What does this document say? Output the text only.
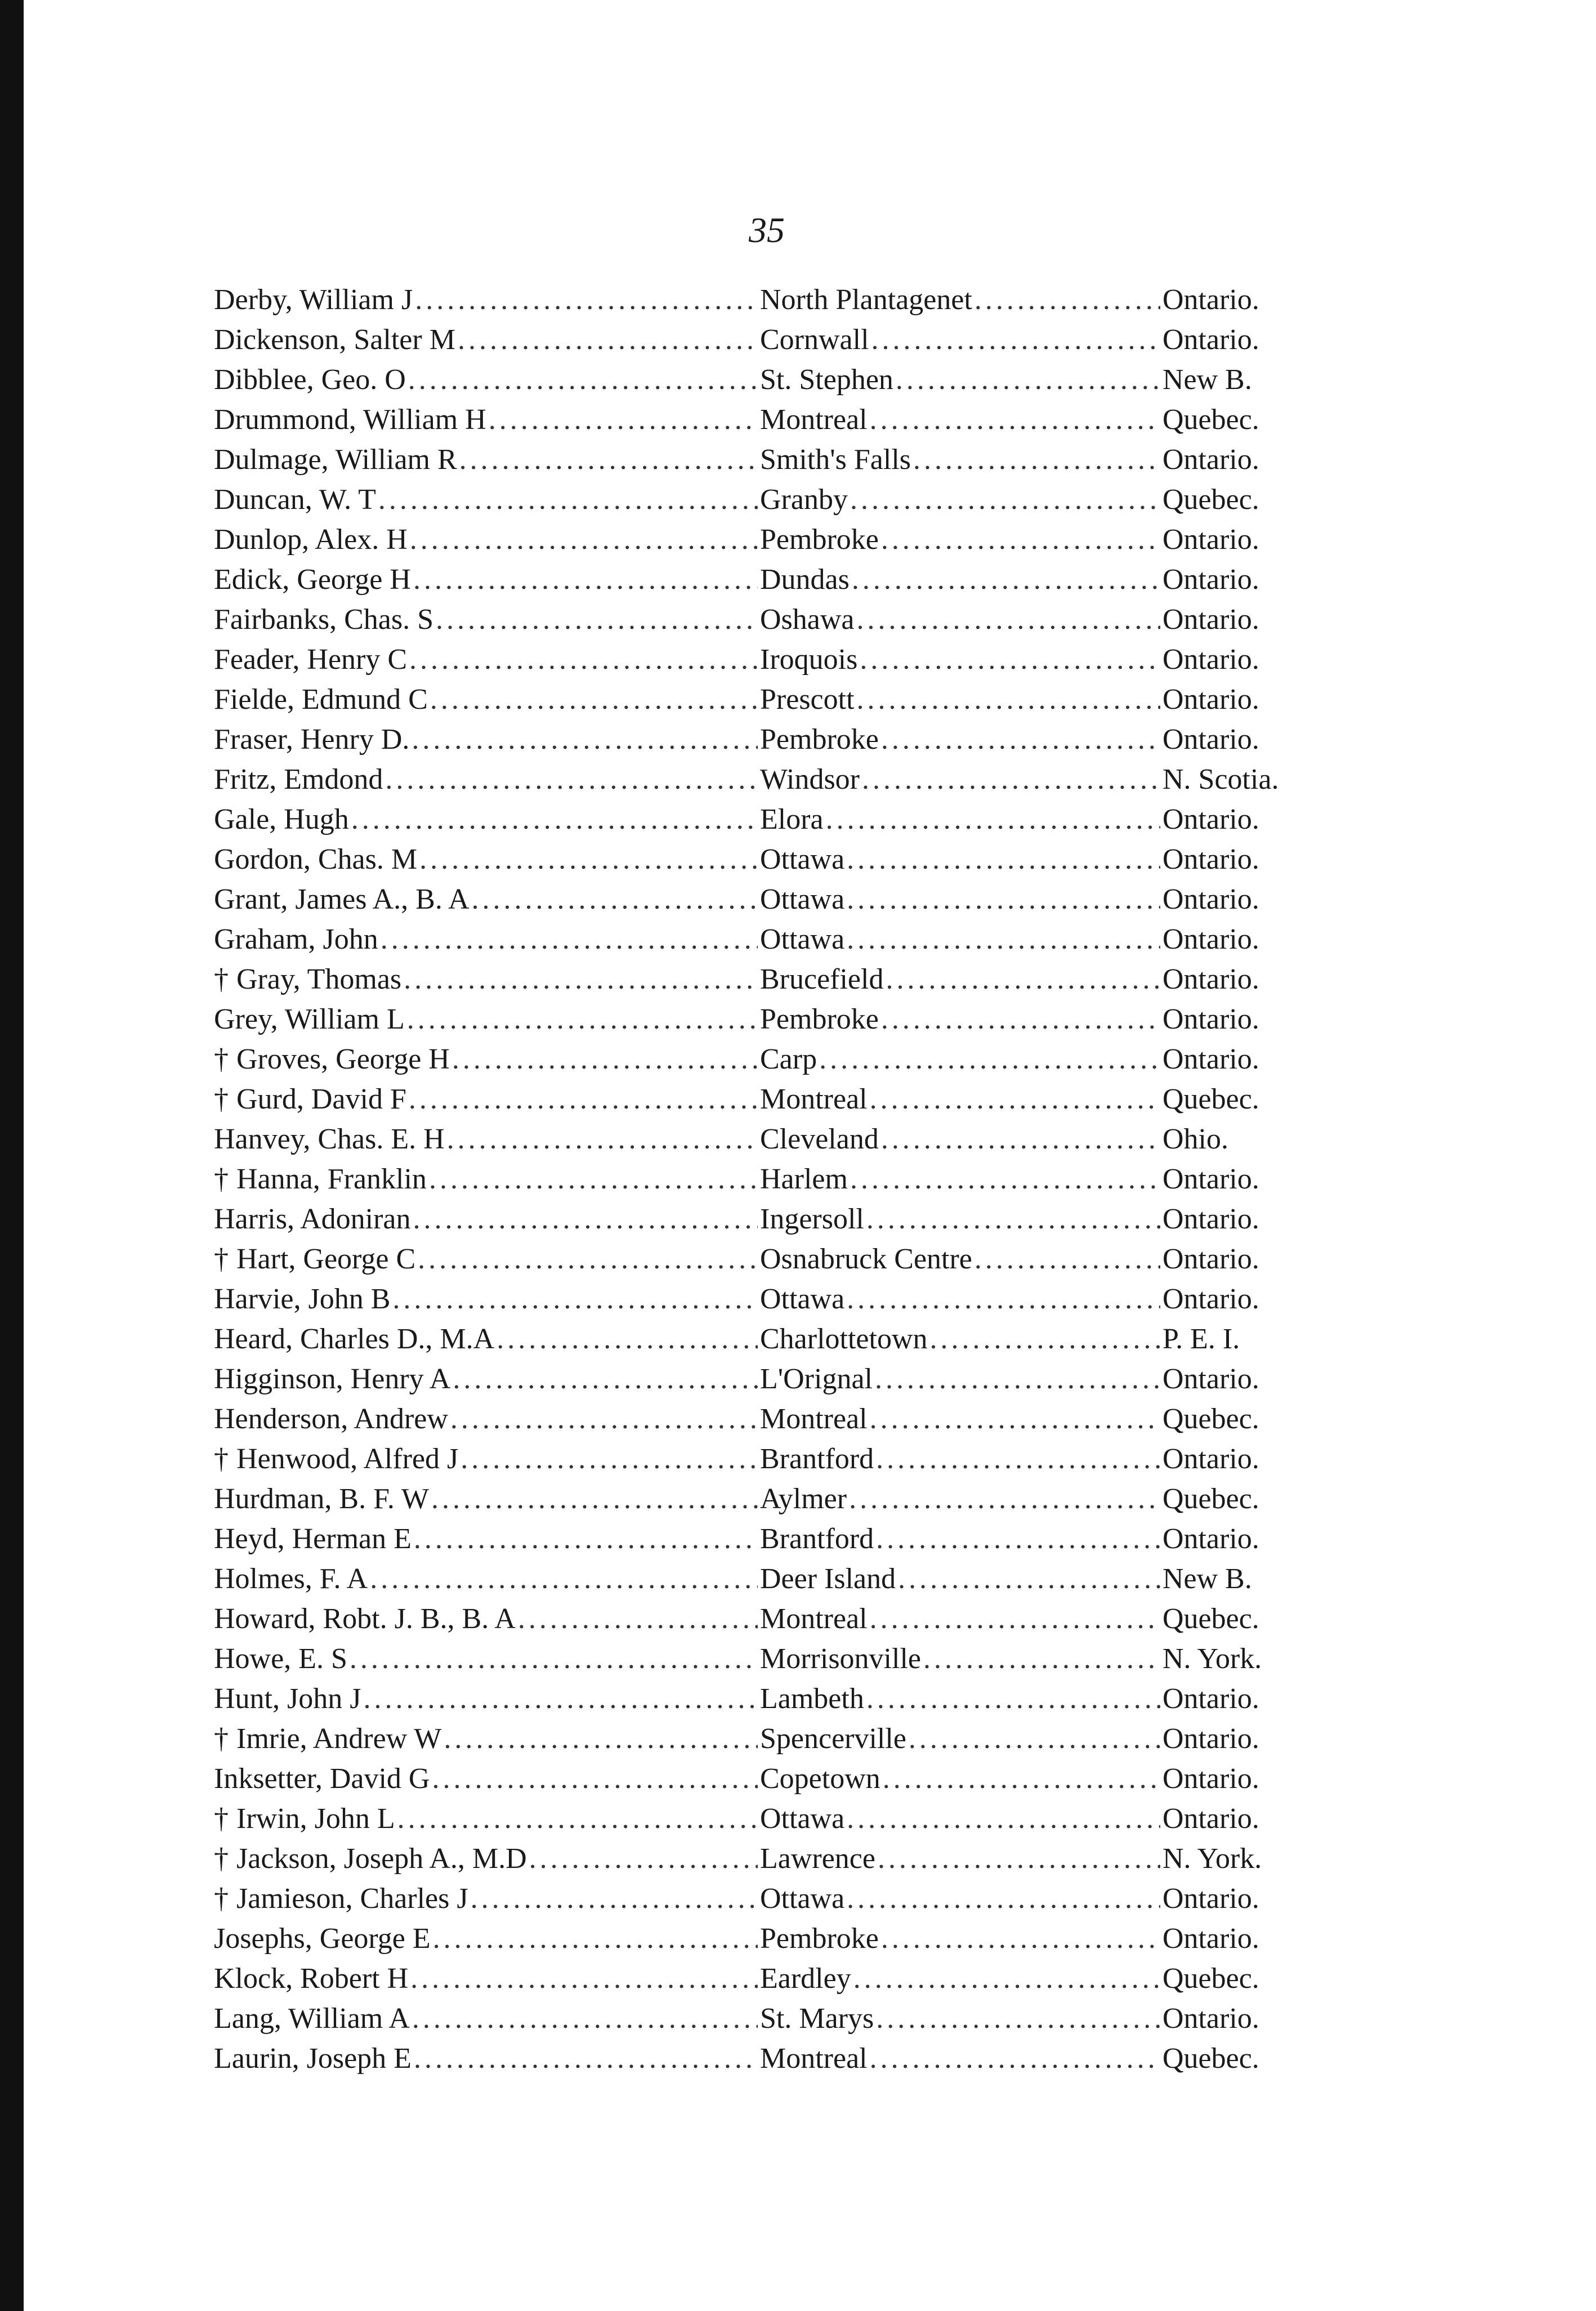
35
Derby, William J .....	North Plantagenet .....	Ontario.
Dickenson, Salter M .....	Cornwall .....	Ontario.
Dibblee, Geo. O .....	St. Stephen .....	New B.
Drummond, William H .....	Montreal .....	Quebec.
Dulmage, William R .....	Smith's Falls .....	Ontario.
Duncan, W. T .....	Granby .....	Quebec.
Dunlop, Alex. H .....	Pembroke .....	Ontario.
Edick, George H .....	Dundas .....	Ontario.
Fairbanks, Chas. S .....	Oshawa .....	Ontario.
Feader, Henry C .....	Iroquois .....	Ontario.
Fielde, Edmund C .....	Prescott .....	Ontario.
Fraser, Henry D. .....	Pembroke .....	Ontario.
Fritz, Emdond .....	Windsor .....	N. Scotia.
Gale, Hugh .....	Elora .....	Ontario.
Gordon, Chas. M .....	Ottawa .....	Ontario.
Grant, James A., B. A .....	Ottawa .....	Ontario.
Graham, John .....	Ottawa .....	Ontario.
† Gray, Thomas .....	Brucefield .....	Ontario.
Grey, William L .....	Pembroke .....	Ontario.
† Groves, George H .....	Carp .....	Ontario.
† Gurd, David F .....	Montreal .....	Quebec.
Hanvey, Chas. E. H .....	Cleveland .....	Ohio.
† Hanna, Franklin .....	Harlem .....	Ontario.
Harris, Adoniran .....	Ingersoll .....	Ontario.
† Hart, George C .....	Osnabruck Centre .....	Ontario.
Harvie, John B .....	Ottawa .....	Ontario.
Heard, Charles D., M.A .....	Charlottetown .....	P. E. I.
Higginson, Henry A .....	L'Orignal .....	Ontario.
Henderson, Andrew .....	Montreal .....	Quebec.
† Henwood, Alfred J .....	Brantford .....	Ontario.
Hurdman, B. F. W .....	Aylmer .....	Quebec.
Heyd, Herman E .....	Brantford .....	Ontario.
Holmes, F. A .....	Deer Island .....	New B.
Howard, Robt. J. B., B. A .....	Montreal .....	Quebec.
Howe, E. S .....	Morrisonville .....	N. York.
Hunt, John J .....	Lambeth .....	Ontario.
† Imrie, Andrew W .....	Spencerville .....	Ontario.
Inksetter, David G .....	Copetown .....	Ontario.
† Irwin, John L .....	Ottawa .....	Ontario.
† Jackson, Joseph A., M.D .....	Lawrence .....	N. York.
† Jamieson, Charles J .....	Ottawa .....	Ontario.
Josephs, George E .....	Pembroke .....	Ontario.
Klock, Robert H .....	Eardley .....	Quebec.
Lang, William A .....	St. Marys .....	Ontario.
Laurin, Joseph E .....	Montreal .....	Quebec.
